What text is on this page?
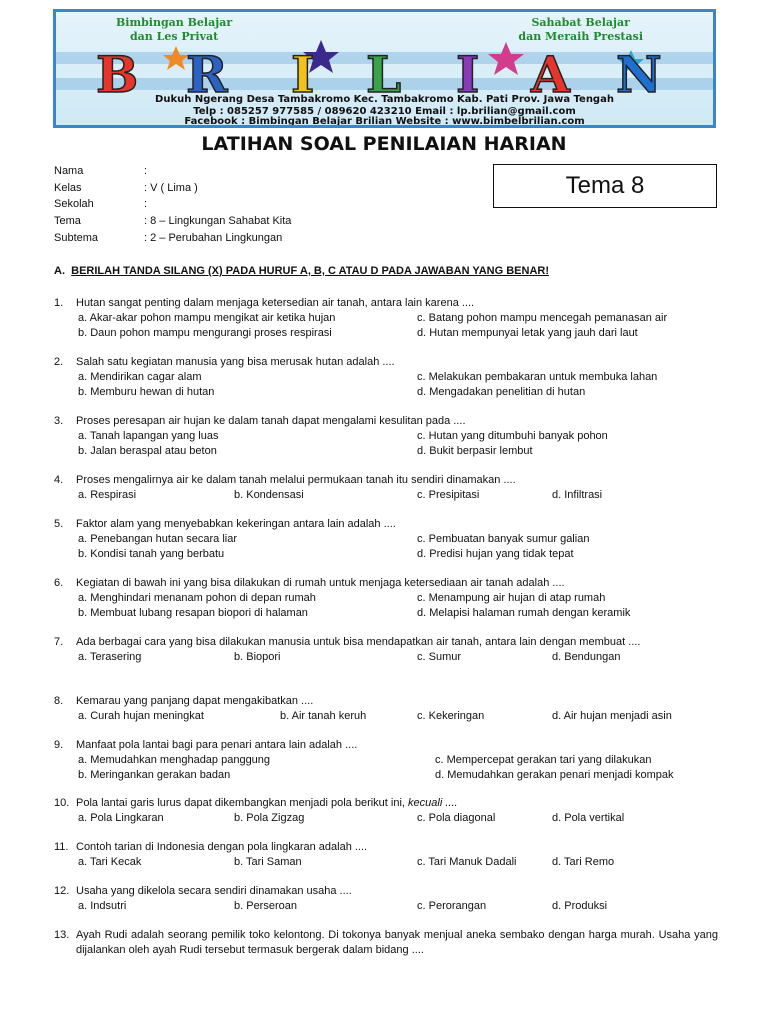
Bimbingan Belajar
dan Les Privat
Sahabat Belajar
dan Meraih Prestasi
B R I L I A N
Dukuh Ngerang Desa Tambakromo Kec. Tambakromo Kab. Pati Prov. Jawa Tengah
Telp : 085257 977585 / 089620 423210 Email : lp.brilian@gmail.com
Facebook : Bimbingan Belajar Brilian Website : www.bimbelbrilian.com
LATIHAN SOAL PENILAIAN HARIAN
Nama	:
Kelas	: V ( Lima )
Sekolah	:
Tema	: 8 – Lingkungan Sahabat Kita
Subtema	: 2 – Perubahan Lingkungan
Tema 8
A. BERILAH TANDA SILANG (X) PADA HURUF A, B, C ATAU D PADA JAWABAN YANG BENAR!
1.	Hutan sangat penting dalam menjaga ketersedian air tanah, antara lain karena ....
a. Akar-akar pohon mampu mengikat air ketika hujan
b. Daun pohon mampu mengurangi proses respirasi
c. Batang pohon mampu mencegah pemanasan air
d. Hutan mempunyai letak yang jauh dari laut
2.	Salah satu kegiatan manusia yang bisa merusak hutan adalah ....
a. Mendirikan cagar alam
b. Memburu hewan di hutan
c. Melakukan pembakaran untuk membuka lahan
d. Mengadakan penelitian di hutan
3.	Proses peresapan air hujan ke dalam tanah dapat mengalami kesulitan pada ....
a. Tanah lapangan yang luas
b. Jalan beraspal atau beton
c. Hutan yang ditumbuhi banyak pohon
d. Bukit berpasir lembut
4.	Proses mengalirnya air ke dalam tanah melalui permukaan tanah itu sendiri dinamakan ....
a. Respirasi	b. Kondensasi	c. Presipitasi	d. Infiltrasi
5.	Faktor alam yang menyebabkan kekeringan antara lain adalah ....
a. Penebangan hutan secara liar
b. Kondisi tanah yang berbatu
c. Pembuatan banyak sumur galian
d. Predisi hujan yang tidak tepat
6.	Kegiatan di bawah ini yang bisa dilakukan di rumah untuk menjaga ketersediaan air tanah adalah ....
a. Menghindari menanam pohon di depan rumah
b. Membuat lubang resapan biopori di halaman
c. Menampung air hujan di atap rumah
d. Melapisi halaman rumah dengan keramik
7.	Ada berbagai cara yang bisa dilakukan manusia untuk bisa mendapatkan air tanah, antara lain dengan membuat ....
a. Terasering	b. Biopori	c. Sumur	d. Bendungan
8.	Kemarau yang panjang dapat mengakibatkan ....
a. Curah hujan meningkat	b. Air tanah keruh	c. Kekeringan	d. Air hujan menjadi asin
9.	Manfaat pola lantai bagi para penari antara lain adalah ....
a. Memudahkan menghadap panggung
b. Meringankan gerakan badan
c. Mempercepat gerakan tari yang dilakukan
d. Memudahkan gerakan penari menjadi kompak
10. Pola lantai garis lurus dapat dikembangkan menjadi pola berikut ini, kecuali ....
a. Pola Lingkaran	b. Pola Zigzag	c. Pola diagonal	d. Pola vertikal
11. Contoh tarian di Indonesia dengan pola lingkaran adalah ....
a. Tari Kecak	b. Tari Saman	c. Tari Manuk Dadali	d. Tari Remo
12. Usaha yang dikelola secara sendiri dinamakan usaha ....
a. Indsutri	b. Perseroan	c. Perorangan	d. Produksi
13. Ayah Rudi adalah seorang pemilik toko kelontong. Di tokonya banyak menjual aneka sembako dengan harga murah. Usaha yang dijalankan oleh ayah Rudi tersebut termasuk bergerak dalam bidang ....
